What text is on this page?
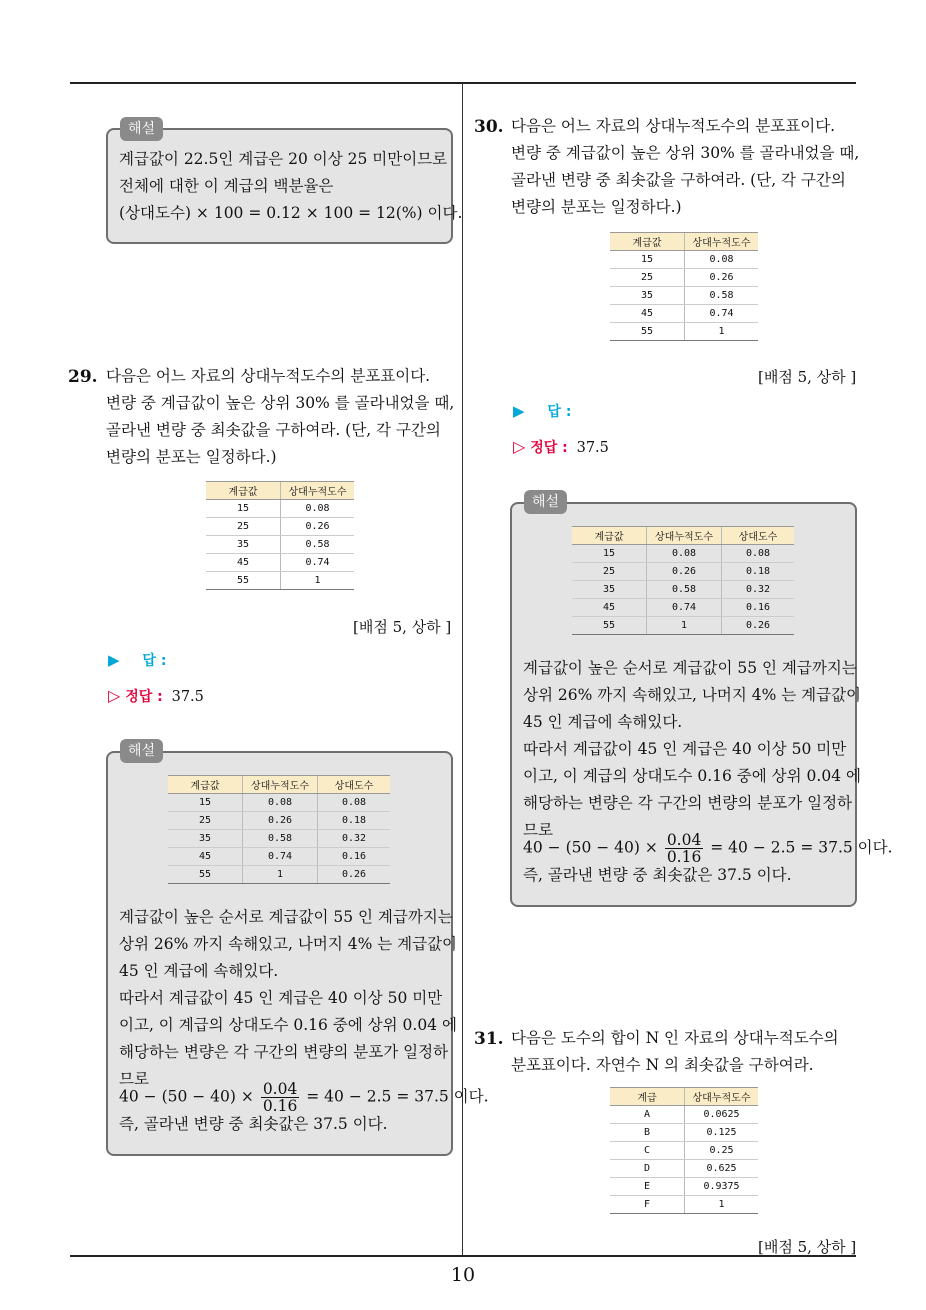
10
해설
계급값이 22.5인 계급은 20 이상 25 미만이므로
전체에 대한 이 계급의 백분율은
(상대도수) × 100 = 0.12 × 100 = 12(%) 이다.
29. 다음은 어느 자료의 상대누적도수의 분포표이다.
변량 중 계급값이 높은 상위 30% 를 골라내었을 때,
골라낸 변량 중 최솟값을 구하여라. (단, 각 구간의
변량의 분포는 일정하다.)
계급값	상대누적도수
15	0.08
25	0.26
35	0.58
45	0.74
55	1
[배점 5, 상하 ]
▶ 답 :
▷ 정답 : 37.5
해설
계급값	상대누적도수	상대도수
15	0.08	0.08
25	0.26	0.18
35	0.58	0.32
45	0.74	0.16
55	1	0.26
계급값이 높은 순서로 계급값이 55 인 계급까지는
상위 26% 까지 속해있고, 나머지 4% 는 계급값이
45 인 계급에 속해있다.
따라서 계급값이 45 인 계급은 40 이상 50 미만
이고, 이 계급의 상대도수 0.16 중에 상위 0.04 에
해당하는 변량은 각 구간의 변량의 분포가 일정하
므로
$40 - (50 - 40) \times \frac{0.04}{0.16} = 40 - 2.5 = 37.5$ 이다.
즉, 골라낸 변량 중 최솟값은 37.5 이다.
30. 다음은 어느 자료의 상대누적도수의 분포표이다.
변량 중 계급값이 높은 상위 30% 를 골라내었을 때,
골라낸 변량 중 최솟값을 구하여라. (단, 각 구간의
변량의 분포는 일정하다.)
계급값	상대누적도수
15	0.08
25	0.26
35	0.58
45	0.74
55	1
[배점 5, 상하 ]
▶ 답 :
▷ 정답 : 37.5
해설
계급값	상대누적도수	상대도수
15	0.08	0.08
25	0.26	0.18
35	0.58	0.32
45	0.74	0.16
55	1	0.26
계급값이 높은 순서로 계급값이 55 인 계급까지는
상위 26% 까지 속해있고, 나머지 4% 는 계급값이
45 인 계급에 속해있다.
따라서 계급값이 45 인 계급은 40 이상 50 미만
이고, 이 계급의 상대도수 0.16 중에 상위 0.04 에
해당하는 변량은 각 구간의 변량의 분포가 일정하
므로
$40 - (50 - 40) \times \frac{0.04}{0.16} = 40 - 2.5 = 37.5$ 이다.
즉, 골라낸 변량 중 최솟값은 37.5 이다.
31. 다음은 도수의 합이 N 인 자료의 상대누적도수의
분포표이다. 자연수 N 의 최솟값을 구하여라.
계급	상대누적도수
A	0.0625
B	0.125
C	0.25
D	0.625
E	0.9375
F	1
[배점 5, 상하 ]
